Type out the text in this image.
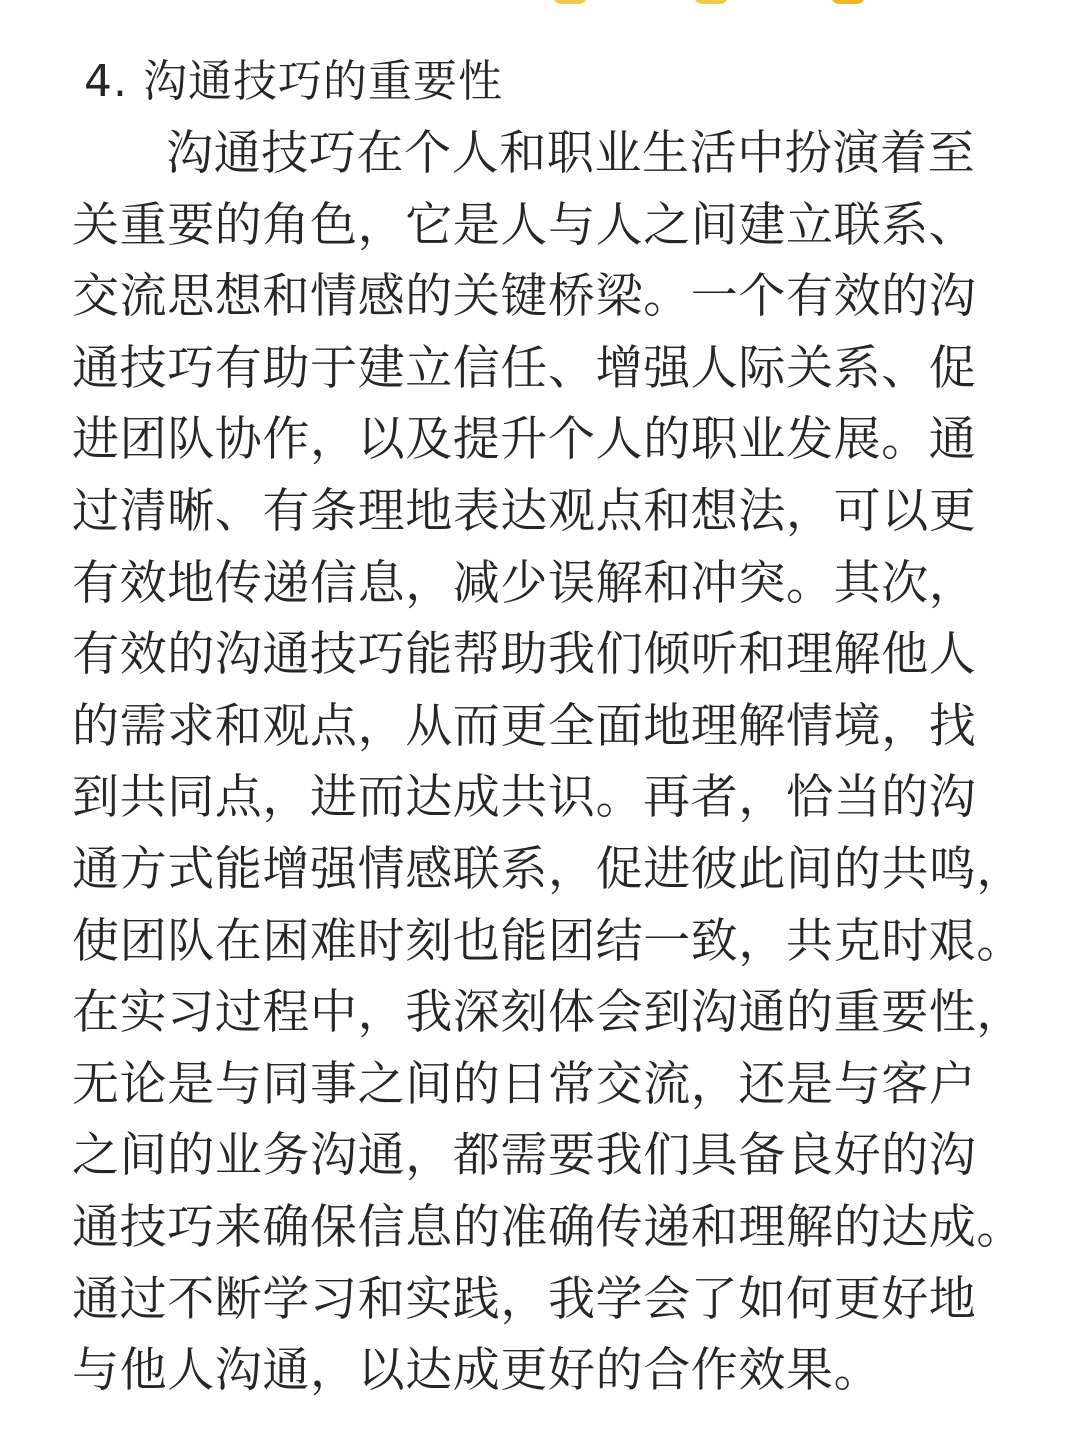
4. 沟通技巧的重要性
沟通技巧在个人和职业生活中扮演着至
关重要的角色，它是人与人之间建立联系、
交流思想和情感的关键桥梁。一个有效的沟
通技巧有助于建立信任、增强人际关系、促
进团队协作，以及提升个人的职业发展。通
过清晰、有条理地表达观点和想法，可以更
有效地传递信息，减少误解和冲突。其次，
有效的沟通技巧能帮助我们倾听和理解他人
的需求和观点，从而更全面地理解情境，找
到共同点，进而达成共识。再者，恰当的沟
通方式能增强情感联系，促进彼此间的共鸣，
使团队在困难时刻也能团结一致，共克时艰。
在实习过程中，我深刻体会到沟通的重要性，
无论是与同事之间的日常交流，还是与客户
之间的业务沟通，都需要我们具备良好的沟
通技巧来确保信息的准确传递和理解的达成。
通过不断学习和实践，我学会了如何更好地
与他人沟通，以达成更好的合作效果。
